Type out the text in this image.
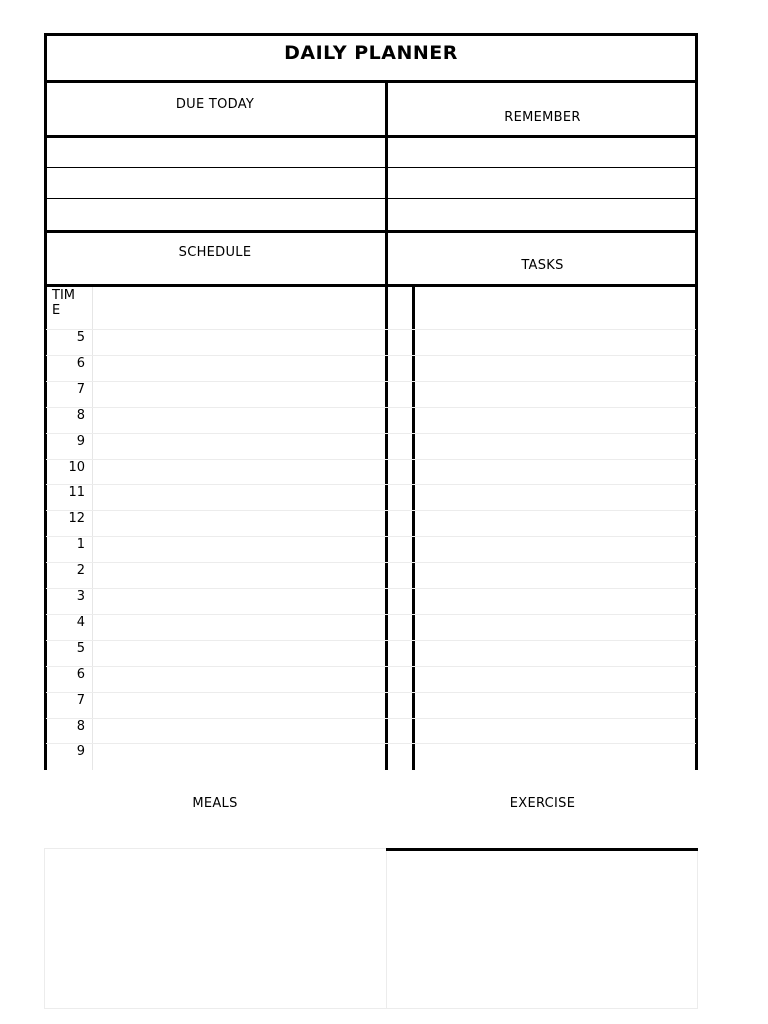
DAILY PLANNER
DUE TODAY
REMEMBER
SCHEDULE
TASKS
TIM
E
5
6
7
8
9
10
11
12
1
2
3
4
5
6
7
8
9
MEALS	EXERCISE
